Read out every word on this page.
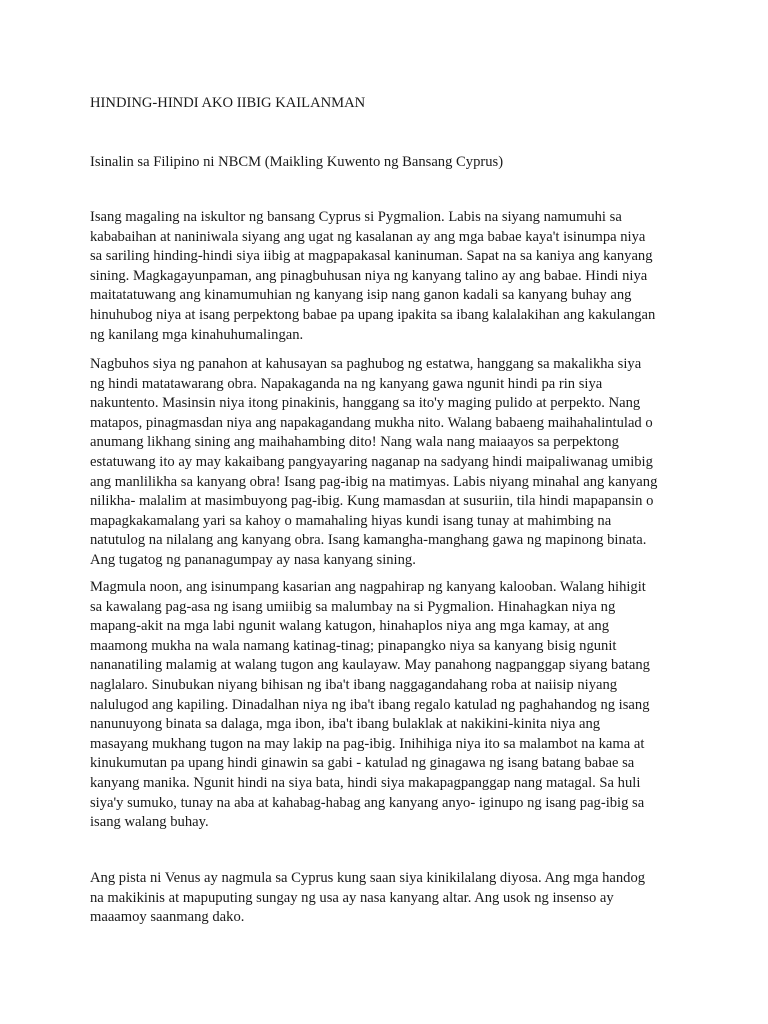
HINDING-HINDI AKO IIBIG KAILANMAN
Isinalin sa Filipino ni NBCM (Maikling Kuwento ng Bansang Cyprus)

Isang magaling na iskultor ng bansang Cyprus si Pygmalion. Labis na siyang namumuhi sa
kababaihan at naniniwala siyang ang ugat ng kasalanan ay ang mga babae kaya't isinumpa niya
sa sariling hinding-hindi siya iibig at magpapakasal kaninuman. Sapat na sa kaniya ang kanyang
sining. Magkagayunpaman, ang pinagbuhusan niya ng kanyang talino ay ang babae. Hindi niya
maitatatuwang ang kinamumuhian ng kanyang isip nang ganon kadali sa kanyang buhay ang
hinuhubog niya at isang perpektong babae pa upang ipakita sa ibang kalalakihan ang kakulangan
ng kanilang mga kinahuhumalingan.

Nagbuhos siya ng panahon at kahusayan sa paghubog ng estatwa, hanggang sa makalikha siya
ng hindi matatawarang obra. Napakaganda na ng kanyang gawa ngunit hindi pa rin siya
nakuntento. Masinsin niya itong pinakinis, hanggang sa ito'y maging pulido at perpekto. Nang
matapos, pinagmasdan niya ang napakagandang mukha nito. Walang babaeng maihahalintulad o
anumang likhang sining ang maihahambing dito! Nang wala nang maiaayos sa perpektong
estatuwang ito ay may kakaibang pangyayaring naganap na sadyang hindi maipaliwanag umibig
ang manlilikha sa kanyang obra! Isang pag-ibig na matimyas. Labis niyang minahal ang kanyang
nilikha- malalim at masimbuyong pag-ibig. Kung mamasdan at susuriin, tila hindi mapapansin o
mapagkakamalang yari sa kahoy o mamahaling hiyas kundi isang tunay at mahimbing na
natutulog na nilalang ang kanyang obra. Isang kamangha-manghang gawa ng mapinong binata.
Ang tugatog ng pananagumpay ay nasa kanyang sining.

Magmula noon, ang isinumpang kasarian ang nagpahirap ng kanyang kalooban. Walang hihigit
sa kawalang pag-asa ng isang umiibig sa malumbay na si Pygmalion. Hinahagkan niya ng
mapang-akit na mga labi ngunit walang katugon, hinahaplos niya ang mga kamay, at ang
maamong mukha na wala namang katinag-tinag; pinapangko niya sa kanyang bisig ngunit
nananatiling malamig at walang tugon ang kaulayaw. May panahong nagpanggap siyang batang
naglalaro. Sinubukan niyang bihisan ng iba't ibang naggagandahang roba at naiisip niyang
nalulugod ang kapiling. Dinadalhan niya ng iba't ibang regalo katulad ng paghahandog ng isang
nanunuyong binata sa dalaga, mga ibon, iba't ibang bulaklak at nakikini-kinita niya ang
masayang mukhang tugon na may lakip na pag-ibig. Inihihiga niya ito sa malambot na kama at
kinukumutan pa upang hindi ginawin sa gabi - katulad ng ginagawa ng isang batang babae sa
kanyang manika. Ngunit hindi na siya bata, hindi siya makapagpanggap nang matagal. Sa huli
siya'y sumuko, tunay na aba at kahabag-habag ang kanyang anyo- iginupo ng isang pag-ibig sa
isang walang buhay.

Ang pista ni Venus ay nagmula sa Cyprus kung saan siya kinikilalang diyosa. Ang mga handog
na makikinis at mapuputing sungay ng usa ay nasa kanyang altar. Ang usok ng insenso ay
maaamoy saanmang dako.
